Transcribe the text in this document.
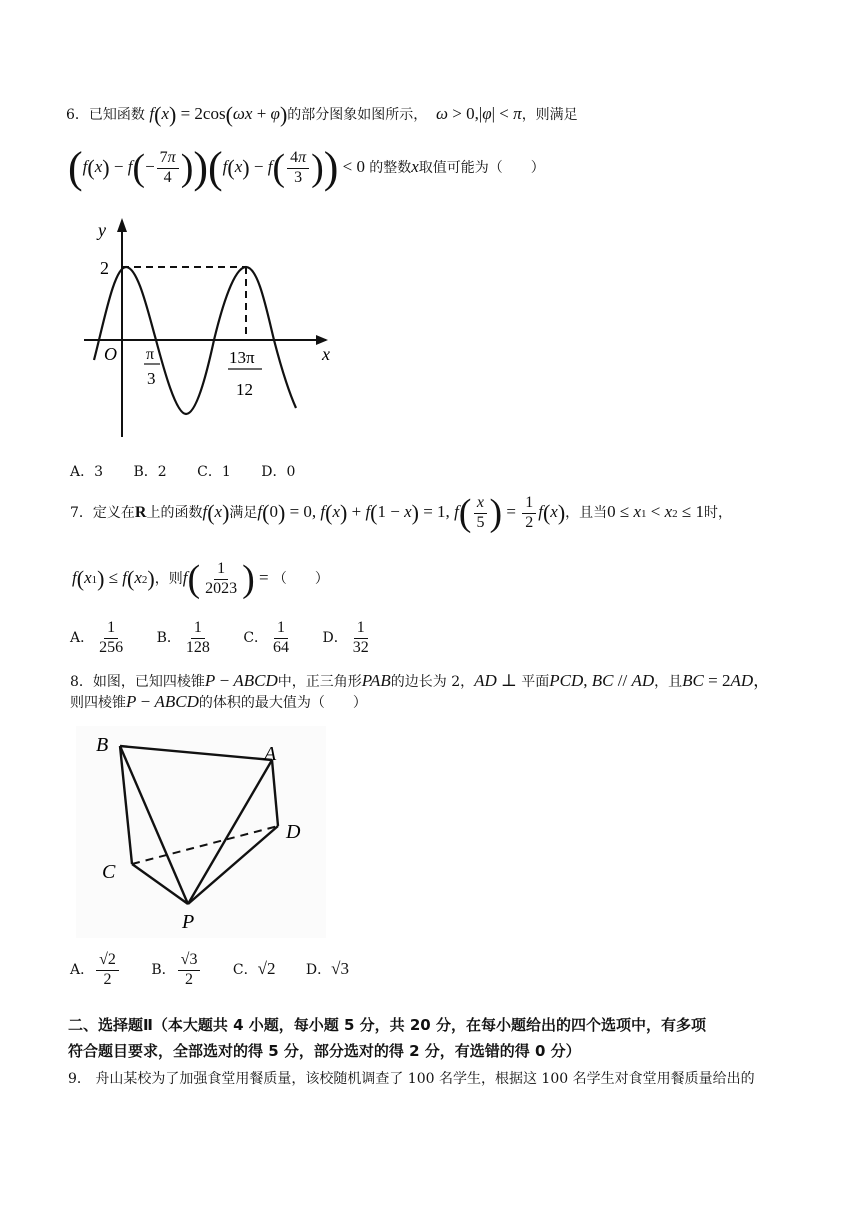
6．已知函数 f(x) = 2cos(ωx + φ)的部分图象如图所示，  ω > 0,|φ| < π，则满足
$(f(x) - f(- \frac{7\pi}{4} ))(f(x) - f( \frac{4\pi}{3}$ )) < 0 的整数x取值可能为（　　）
y
x
2
O π
3
13π
12
A．3 B．2 C．1 D．0
7．定义在R上的函数f(x)满足f(0) = 0, f(x) + f(1 − x) = 1, $f( \frac{x}{5}$ ) = $\frac{1}{2} f(x)$，且当0 ≤ x1 < x2 ≤ 1时，
f(x1) ≤ f(x2)，则$f( \frac{1}{2023}$ ) = （　　）
A． $\frac{1}{256}$ B． $\frac{1}{128}$ C． $\frac{1}{64}$ D． $\frac{1}{32}$
8．如图，已知四棱锥P − ABCD中，正三角形PAB的边长为 2，AD ⊥ 平面PCD, BC // AD，且BC = 2AD，
则四棱锥P − ABCD的体积的最大值为（　　）
B	A
D
C
P
A． $\frac{√2}{2}$ B． $\frac{√3}{2}$ C．√2 D．√3
二、选择题Ⅱ（本大题共 4 小题，每小题 5 分，共 20 分，在每小题给出的四个选项中，有多项
符合题目要求，全部选对的得 5 分，部分选对的得 2 分，有选错的得 0 分）
9． 舟山某校为了加强食堂用餐质量，该校随机调查了 100 名学生，根据这 100 名学生对食堂用餐质量给出的
